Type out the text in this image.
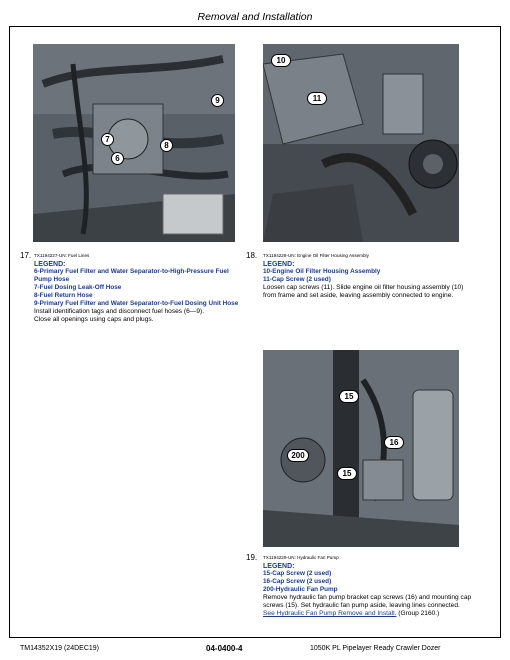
Removal and Installation
9
7
8
6
17. TX1194227-UN: Fuel Lines
LEGEND:
6-Primary Fuel Filter and Water Separator-to-High-Pressure Fuel Pump Hose
7-Fuel Dosing Leak-Off Hose
8-Fuel Return Hose
9-Primary Fuel Filter and Water Separator-to-Fuel Dosing Unit Hose
Install identification tags and disconnect fuel hoses (6—9).
Close all openings using caps and plugs.
10
11
18. TX1194228-UN: Engine Oil Filter Housing Assembly
LEGEND:
10-Engine Oil Filter Housing Assembly
11-Cap Screw (2 used)
Loosen cap screws (11). Slide engine oil filter housing assembly (10) from frame and set aside, leaving assembly connected to engine.
15
16
200
15
19. TX1194229-UN: Hydraulic Fan Pump
LEGEND:
15-Cap Screw (2 used)
16-Cap Screw (2 used)
200-Hydraulic Fan Pump
Remove hydraulic fan pump bracket cap screws (16) and mounting cap screws (15). Set hydraulic fan pump aside, leaving lines connected. See Hydraulic Fan Pump Remove and Install. (Group 2160.)
TM14352X19 (24DEC19)	04-0400-4	1050K PL Pipelayer Ready Crawler Dozer
